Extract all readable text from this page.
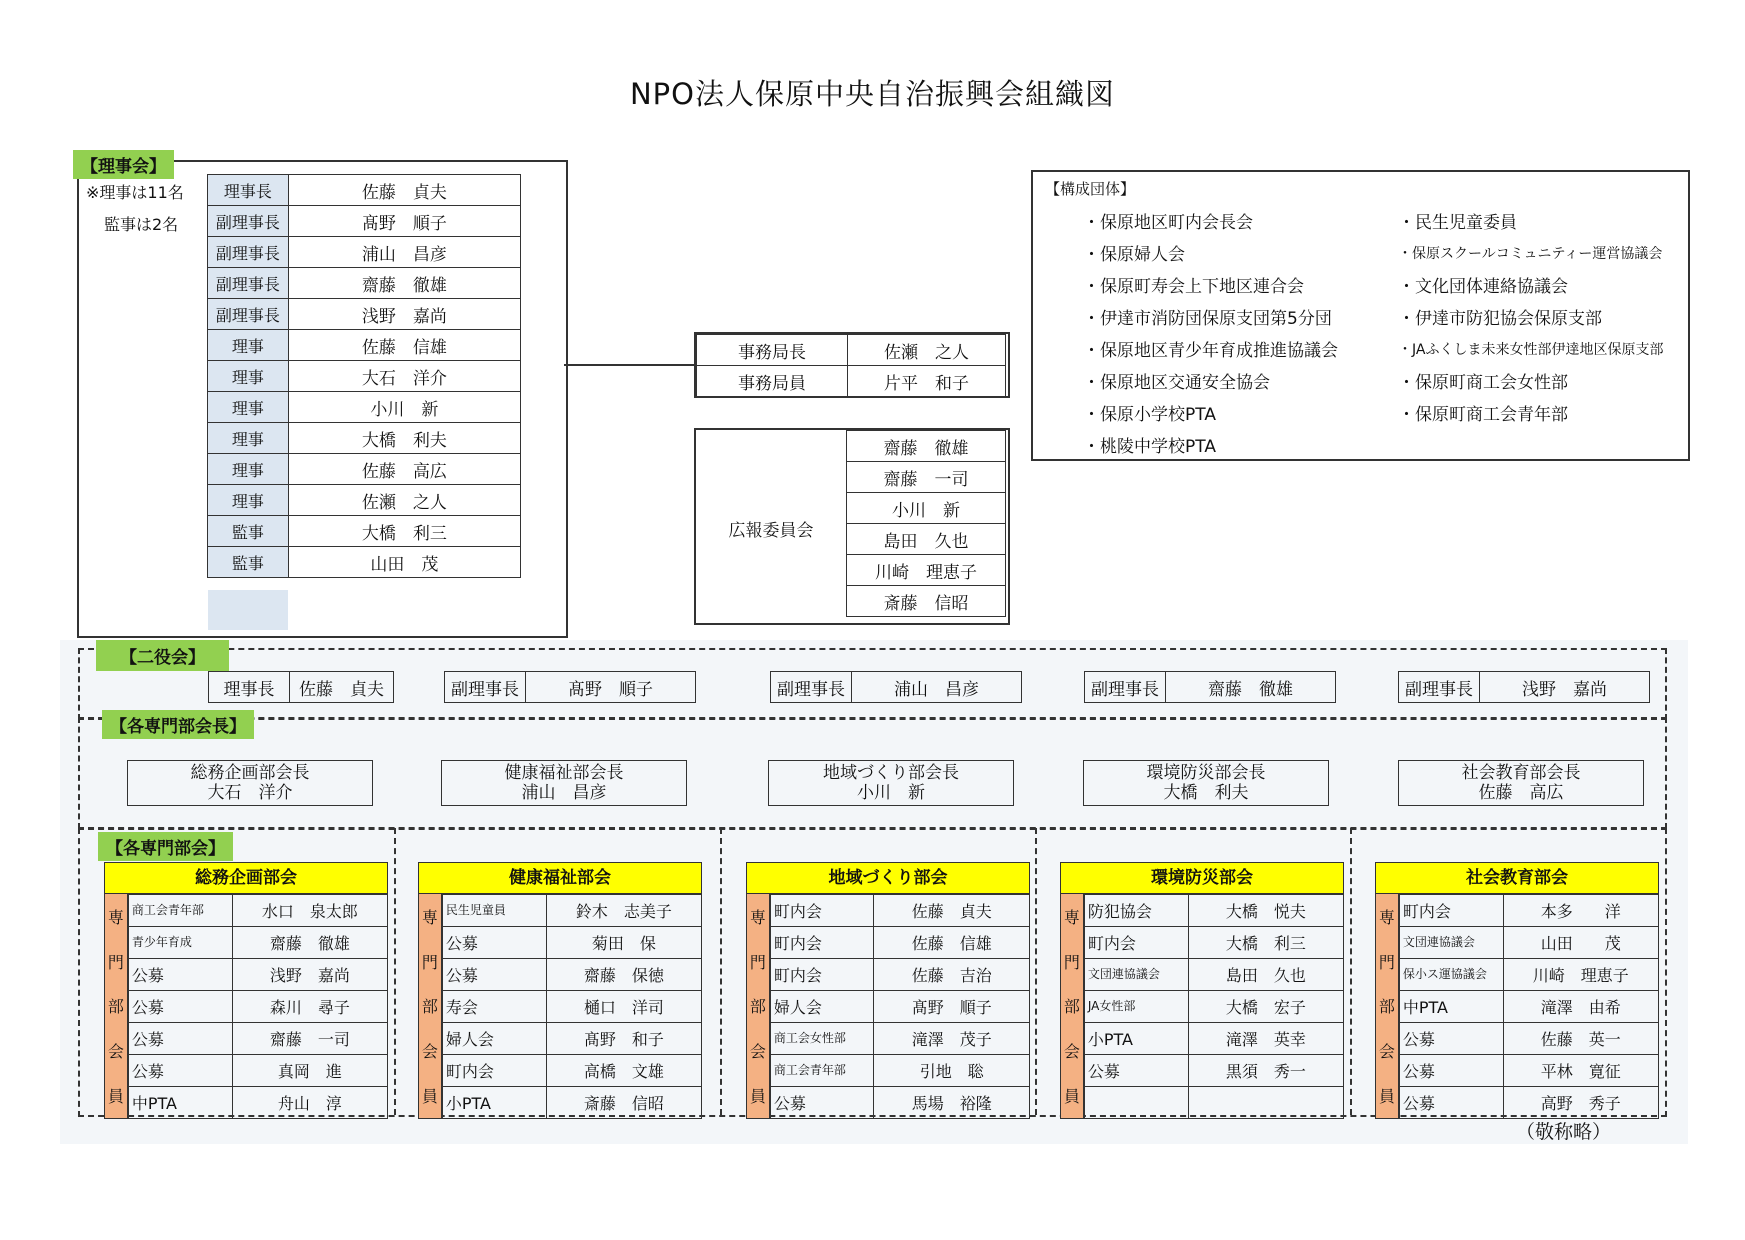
NPO法人保原中央自治振興会組織図
【理事会】
※理事は11名
監事は2名
理事長	佐藤　貞夫
副理事長	髙野　順子
副理事長	浦山　昌彦
副理事長	齋藤　徹雄
副理事長	浅野　嘉尚
理事	佐藤　信雄
理事	大石　洋介
理事	小川　新
理事	大橋　利夫
理事	佐藤　高広
理事	佐瀬　之人
監事	大橋　利三
監事	山田　茂
事務局長	佐瀬　之人
事務局員	片平　和子
広報委員会
齋藤　徹雄
齋藤　一司
小川　新
島田　久也
川崎　理恵子
斎藤　信昭
【構成団体】
・保原地区町内会長会
・保原婦人会
・保原町寿会上下地区連合会
・伊達市消防団保原支団第5分団
・保原地区青少年育成推進協議会
・保原地区交通安全協会
・保原小学校PTA
・桃陵中学校PTA
・民生児童委員
・保原スクールコミュニティー運営協議会
・文化団体連絡協議会
・伊達市防犯協会保原支部
・JAふくしま未来女性部伊達地区保原支部
・保原町商工会女性部
・保原町商工会青年部
【二役会】
理事長	佐藤　貞夫	副理事長	髙野　順子	副理事長	浦山　昌彦	副理事長	齋藤　徹雄	副理事長	浅野　嘉尚
【各専門部会長】
総務企画部会長
大石　洋介
健康福祉部会長
浦山　昌彦
地域づくり部会長
小川　新
環境防災部会長
大橋　利夫
社会教育部会長
佐藤　高広
【各専門部会】
総務企画部会
専
門
部
会
員
商工会青年部	水口　泉太郎
青少年育成	齋藤　徹雄
公募	浅野　嘉尚
公募	森川　尋子
公募	齋藤　一司
公募	真岡　進
中PTA	舟山　淳
健康福祉部会
専
門
部
会
員
民生児童員	鈴木　志美子
公募	菊田　保
公募	齋藤　保徳
寿会	樋口　洋司
婦人会	髙野　和子
町内会	高橋　文雄
小PTA	斎藤　信昭
地域づくり部会
専
門
部
会
員
町内会	佐藤　貞夫
町内会	佐藤　信雄
町内会	佐藤　吉治
婦人会	髙野　順子
商工会女性部	滝澤　茂子
商工会青年部	引地　聡
公募	馬場　裕隆
環境防災部会
専
門
部
会
員
防犯協会	大橋　悦夫
町内会	大橋　利三
文団連協議会	島田　久也
JA女性部	大橋　宏子
小PTA	滝澤　英幸
公募	黒須　秀一

社会教育部会
専
門
部
会
員
町内会	本多　　洋
文団連協議会	山田　　茂
保小ス運協議会	川崎　理恵子
中PTA	滝澤　由希
公募	佐藤　英一
公募	平林　寛征
公募	高野　秀子
（敬称略）
